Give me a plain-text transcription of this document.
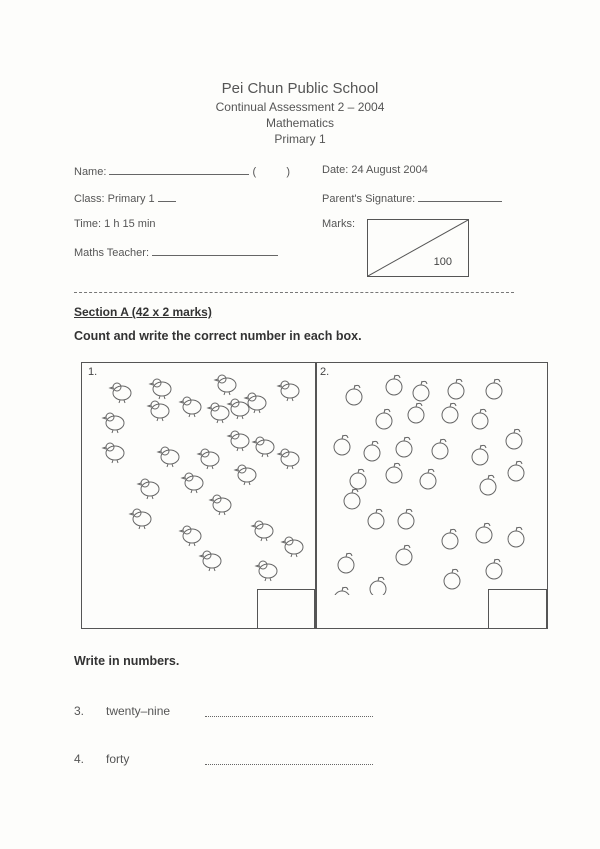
Pei Chun Public School
Continual Assessment 2 – 2004
Mathematics
Primary 1
Name:	(	)	Date: 24 August 2004
Class: Primary 1	Parent's Signature:
Time: 1 h 15 min	Marks:
100
Maths Teacher:
Section A (42 x 2 marks)
Count and write the correct number in each box.
1.	2.
Write in numbers.
3. twenty–nine
4. forty
